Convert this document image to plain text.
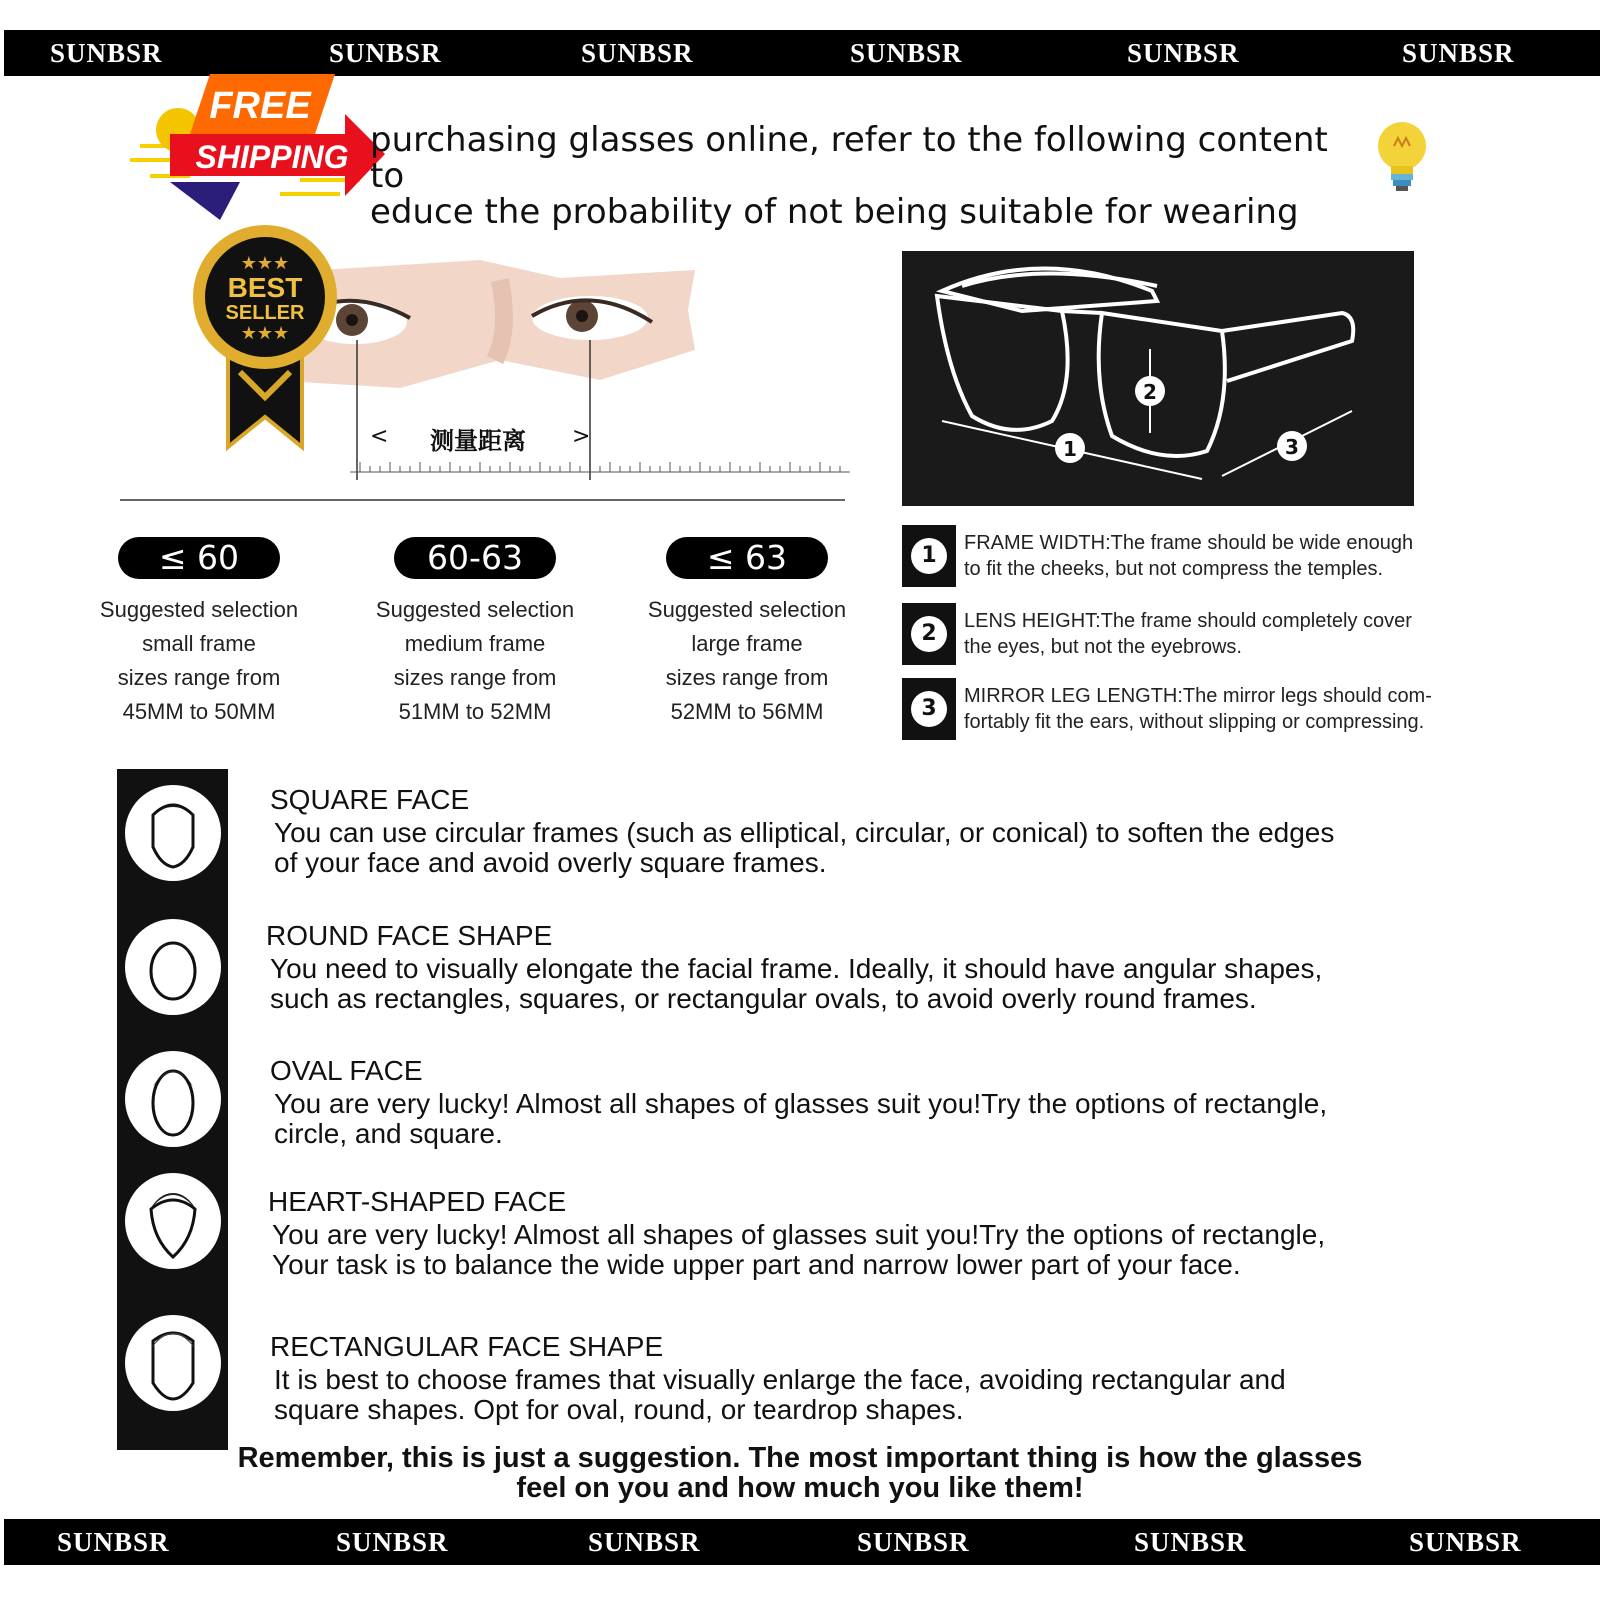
SUNBSR	SUNBSR	SUNBSR	SUNBSR	SUNBSR	SUNBSR
FREE
SHIPPING purchasing glasses online, refer to the following content to
educe the probability of not being suitable for wearing
< 测量距离 >
★★★
BEST
SELLER
★★★
≤ 60
Suggested selection
small frame
sizes range from
45MM to 50MM
60-63
Suggested selection
medium frame
sizes range from
51MM to 52MM
≤ 63
Suggested selection
large frame
sizes range from
52MM to 56MM
1
2
3
1	FRAME WIDTH:The frame should be wide enough
to fit the cheeks, but not compress the temples.
2	LENS HEIGHT:The frame should completely cover
the eyes, but not the eyebrows.
3	MIRROR LEG LENGTH:The mirror legs should com-
fortably fit the ears, without slipping or compressing.
SQUARE FACE
You can use circular frames (such as elliptical, circular, or conical) to soften the edges
of your face and avoid overly square frames.
ROUND FACE SHAPE
You need to visually elongate the facial frame. Ideally, it should have angular shapes,
such as rectangles, squares, or rectangular ovals, to avoid overly round frames.
OVAL FACE
You are very lucky! Almost all shapes of glasses suit you!Try the options of rectangle,
circle, and square.
HEART-SHAPED FACE
You are very lucky! Almost all shapes of glasses suit you!Try the options of rectangle,
Your task is to balance the wide upper part and narrow lower part of your face.
RECTANGULAR FACE SHAPE
It is best to choose frames that visually enlarge the face, avoiding rectangular and
square shapes. Opt for oval, round, or teardrop shapes.
Remember, this is just a suggestion. The most important thing is how the glasses
feel on you and how much you like them!
SUNBSR	SUNBSR	SUNBSR	SUNBSR	SUNBSR	SUNBSR
